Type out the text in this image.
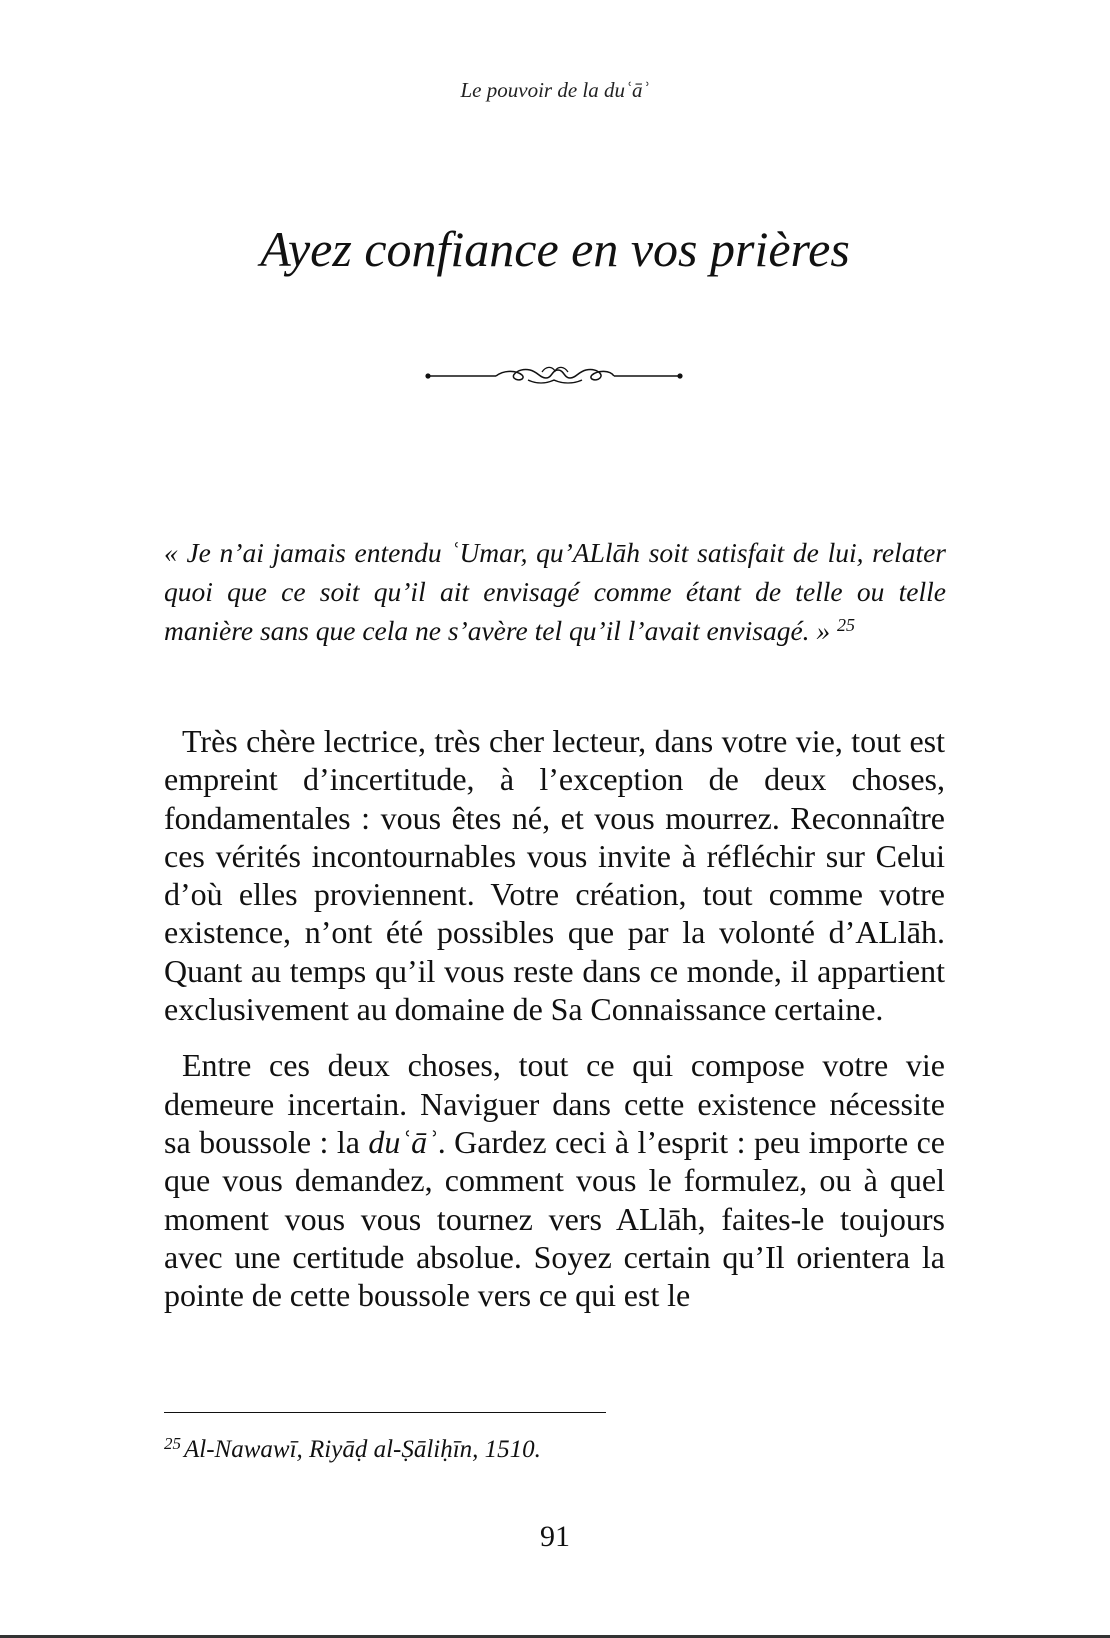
Le pouvoir de la duʿāʾ
Ayez confiance en vos prières

« Je n’ai jamais entendu ʿUmar, qu’ALlāh soit satisfait de lui, relater quoi que ce soit qu’il ait envisagé comme étant de telle ou telle manière sans que cela ne s’avère tel qu’il l’avait envisagé. » $^{25}$

Très chère lectrice, très cher lecteur, dans votre vie, tout est empreint d’incertitude, à l’exception de deux choses, fondamentales : vous êtes né, et vous mourrez. Reconnaître ces vérités incontournables vous invite à réfléchir sur Celui d’où elles proviennent. Votre création, tout comme votre existence, n’ont été possibles que par la volonté d’ALlāh. Quant au temps qu’il vous reste dans ce monde, il appartient exclusivement au domaine de Sa Connaissance certaine.

Entre ces deux choses, tout ce qui compose votre vie demeure incertain. Naviguer dans cette existence nécessite sa boussole : la duʿāʾ. Gardez ceci à l’esprit : peu importe ce que vous demandez, comment vous le formulez, ou à quel moment vous vous tournez vers ALlāh, faites-le toujours avec une certitude absolue. Soyez certain qu’Il orientera la pointe de cette boussole vers ce qui est le

$^{25}$ Al-Nawawī, Riyāḍ al-Ṣāliḥīn, 1510.
91
